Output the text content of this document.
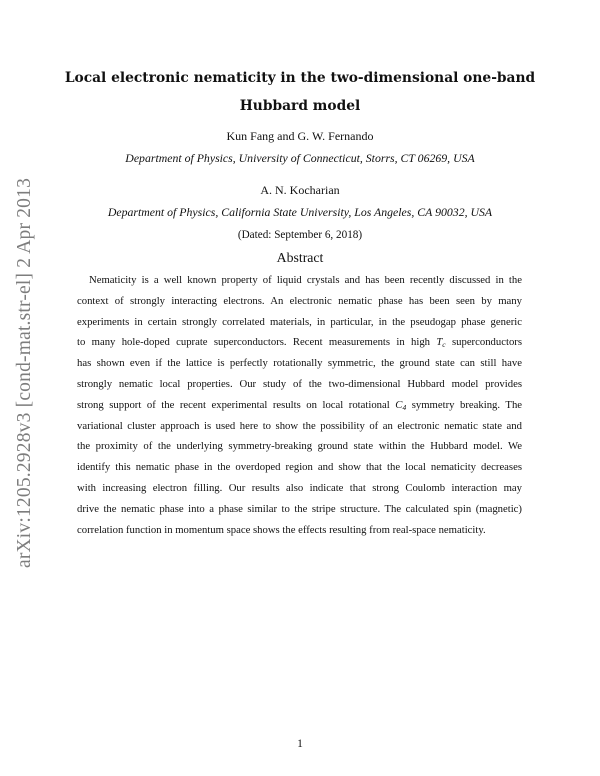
arXiv:1205.2928v3 [cond-mat.str-el] 2 Apr 2013
Local electronic nematicity in the two-dimensional one-band
Hubbard model
Kun Fang and G. W. Fernando
Department of Physics, University of Connecticut, Storrs, CT 06269, USA
A. N. Kocharian
Department of Physics, California State University, Los Angeles, CA 90032, USA
(Dated: September 6, 2018)
Abstract
Nematicity is a well known property of liquid crystals and has been recently discussed in the
context of strongly interacting electrons. An electronic nematic phase has been seen by many
experiments in certain strongly correlated materials, in particular, in the pseudogap phase generic
to many hole-doped cuprate superconductors. Recent measurements in high $T_c$ superconductors
has shown even if the lattice is perfectly rotationally symmetric, the ground state can still have
strongly nematic local properties. Our study of the two-dimensional Hubbard model provides
strong support of the recent experimental results on local rotational $C_4$ symmetry breaking. The
variational cluster approach is used here to show the possibility of an electronic nematic state and
the proximity of the underlying symmetry-breaking ground state within the Hubbard model. We
identify this nematic phase in the overdoped region and show that the local nematicity decreases
with increasing electron filling. Our results also indicate that strong Coulomb interaction may
drive the nematic phase into a phase similar to the stripe structure. The calculated spin (magnetic)
correlation function in momentum space shows the effects resulting from real-space nematicity.
1
